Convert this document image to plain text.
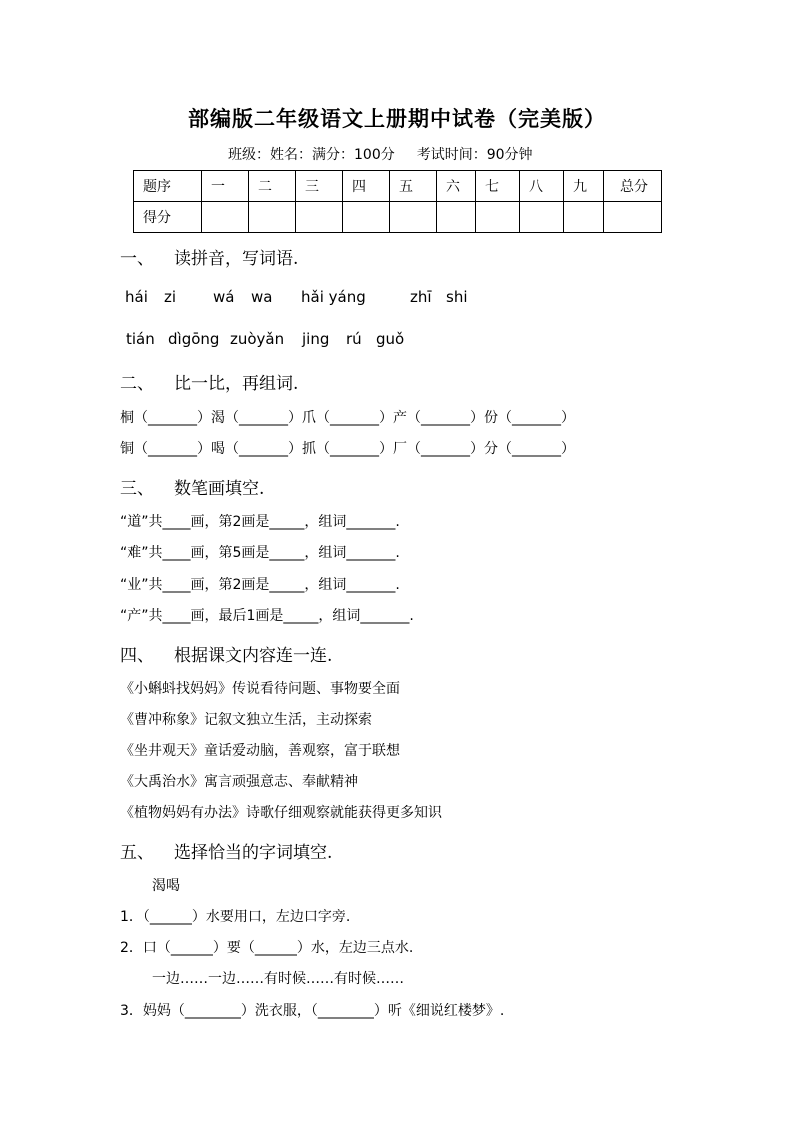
部编版二年级语文上册期中试卷（完美版）
班级：姓名：满分：100分 考试时间：90分钟
题序	一	二	三	四	五	六	七	八	九	总分
得分										
一、 读拼音，写词语.
hái zi wá wa hǎi yáng	zhī shi
tián dìgōng zuòyǎn jing rú guǒ
二、 比一比，再组词.
桐（_______）渴（_______）爪（_______）产（_______）份（_______）
铜（_______）喝（_______）抓（_______）厂（_______）分（_______）
三、 数笔画填空.
“道”共____画，第2画是_____，组词_______.
“难”共____画，第5画是_____，组词_______.
“业”共____画，第2画是_____，组词_______.
“产”共____画，最后1画是_____，组词_______.
四、 根据课文内容连一连.
《小蝌蚪找妈妈》传说看待问题、事物要全面
《曹冲称象》记叙文独立生活，主动探索
《坐井观天》童话爱动脑，善观察，富于联想
《大禹治水》寓言顽强意志、奉献精神
《植物妈妈有办法》诗歌仔细观察就能获得更多知识
五、 选择恰当的字词填空.
渴喝
1．（______）水要用口，左边口字旁.
2．口（______）要（______）水，左边三点水.
一边……一边……有时候……有时候……
3．妈妈（________）洗衣服，（________）听《细说红楼梦》.
